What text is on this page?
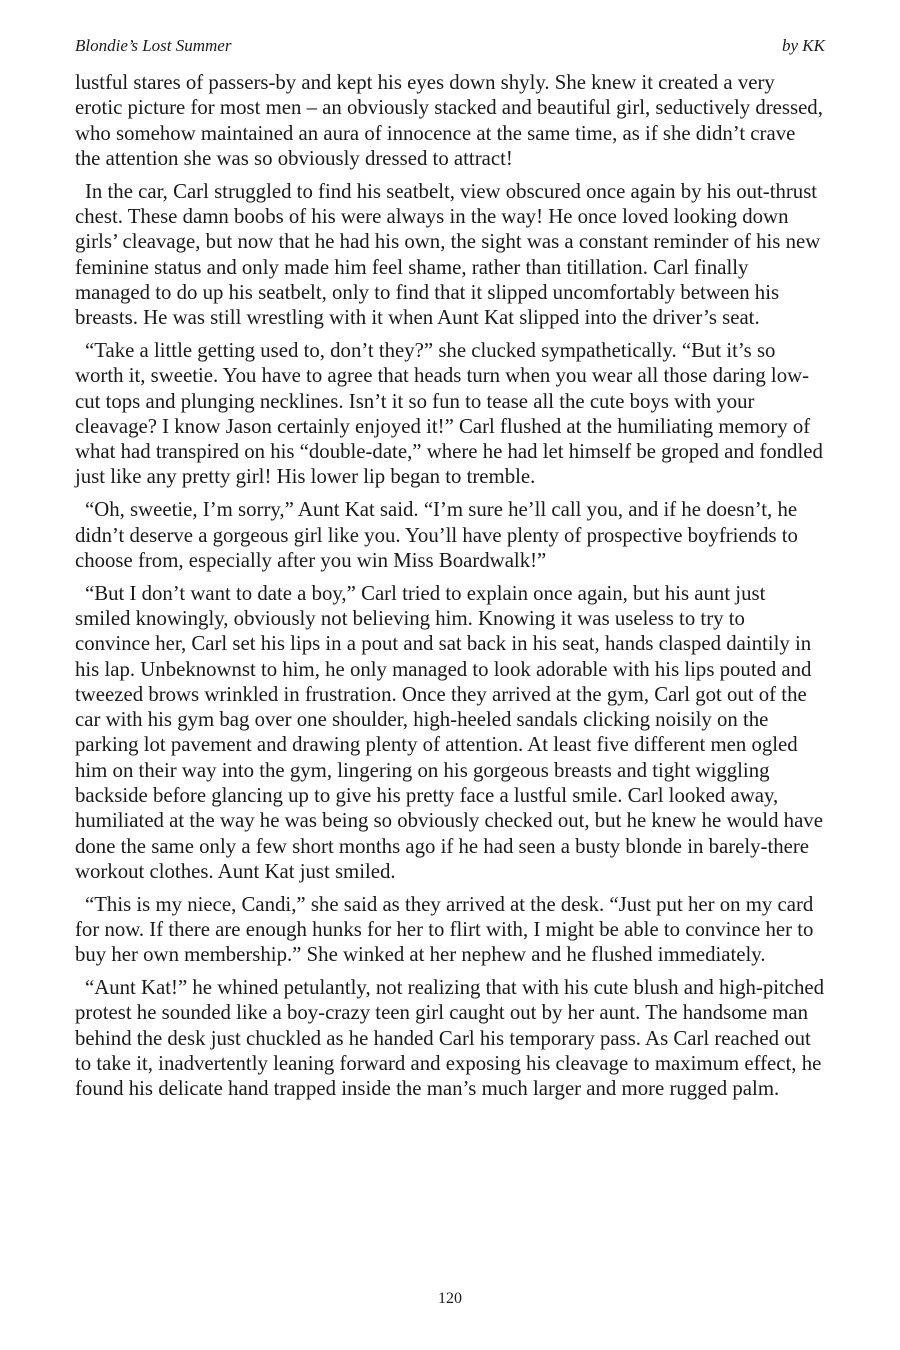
Blondie’s Lost Summer	by KK

lustful stares of passers-by and kept his eyes down shyly. She knew it created a very erotic picture for most men – an obviously stacked and beautiful girl, seductively dressed, who somehow maintained an aura of innocence at the same time, as if she didn’t crave the attention she was so obviously dressed to attract!

In the car, Carl struggled to find his seatbelt, view obscured once again by his out-thrust chest. These damn boobs of his were always in the way! He once loved looking down girls’ cleavage, but now that he had his own, the sight was a constant reminder of his new feminine status and only made him feel shame, rather than titillation. Carl finally managed to do up his seatbelt, only to find that it slipped uncomfortably between his breasts. He was still wrestling with it when Aunt Kat slipped into the driver’s seat.

“Take a little getting used to, don’t they?” she clucked sympathetically. “But it’s so worth it, sweetie. You have to agree that heads turn when you wear all those daring low-cut tops and plunging necklines. Isn’t it so fun to tease all the cute boys with your cleavage? I know Jason certainly enjoyed it!” Carl flushed at the humiliating memory of what had transpired on his “double-date,” where he had let himself be groped and fondled just like any pretty girl! His lower lip began to tremble.

“Oh, sweetie, I’m sorry,” Aunt Kat said. “I’m sure he’ll call you, and if he doesn’t, he didn’t deserve a gorgeous girl like you. You’ll have plenty of prospective boyfriends to choose from, especially after you win Miss Boardwalk!”

“But I don’t want to date a boy,” Carl tried to explain once again, but his aunt just smiled knowingly, obviously not believing him. Knowing it was useless to try to convince her, Carl set his lips in a pout and sat back in his seat, hands clasped daintily in his lap. Unbeknownst to him, he only managed to look adorable with his lips pouted and tweezed brows wrinkled in frustration. Once they arrived at the gym, Carl got out of the car with his gym bag over one shoulder, high-heeled sandals clicking noisily on the parking lot pavement and drawing plenty of attention. At least five different men ogled him on their way into the gym, lingering on his gorgeous breasts and tight wiggling backside before glancing up to give his pretty face a lustful smile. Carl looked away, humiliated at the way he was being so obviously checked out, but he knew he would have done the same only a few short months ago if he had seen a busty blonde in barely-there workout clothes. Aunt Kat just smiled.

“This is my niece, Candi,” she said as they arrived at the desk. “Just put her on my card for now. If there are enough hunks for her to flirt with, I might be able to convince her to buy her own membership.” She winked at her nephew and he flushed immediately.

“Aunt Kat!” he whined petulantly, not realizing that with his cute blush and high-pitched protest he sounded like a boy-crazy teen girl caught out by her aunt. The handsome man behind the desk just chuckled as he handed Carl his temporary pass. As Carl reached out to take it, inadvertently leaning forward and exposing his cleavage to maximum effect, he found his delicate hand trapped inside the man’s much larger and more rugged palm.

120
